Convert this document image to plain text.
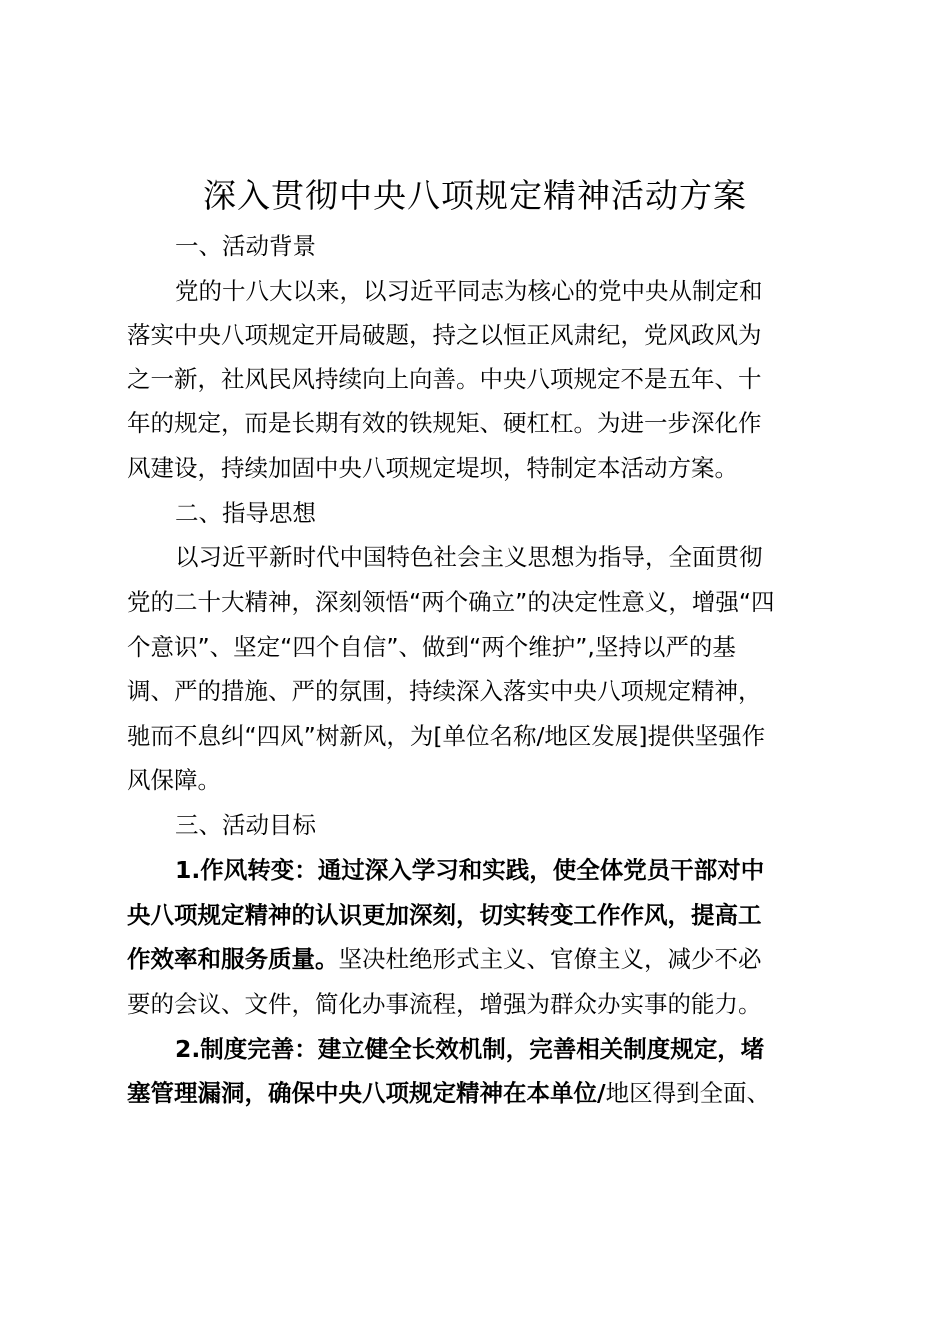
深入贯彻中央八项规定精神活动方案
一、活动背景
党的十八大以来，以习近平同志为核心的党中央从制定和
落实中央八项规定开局破题，持之以恒正风肃纪，党风政风为
之一新，社风民风持续向上向善。中央八项规定不是五年、十
年的规定，而是长期有效的铁规矩、硬杠杠。为进一步深化作
风建设，持续加固中央八项规定堤坝，特制定本活动方案。
二、指导思想
以习近平新时代中国特色社会主义思想为指导，全面贯彻
党的二十大精神，深刻领悟“两个确立”的决定性意义，增强“四
个意识”、坚定“四个自信”、做到“两个维护”,坚持以严的基
调、严的措施、严的氛围，持续深入落实中央八项规定精神，
驰而不息纠“四风”树新风，为[单位名称/地区发展]提供坚强作
风保障。
三、活动目标
1.作风转变：通过深入学习和实践，使全体党员干部对中
央八项规定精神的认识更加深刻，切实转变工作作风，提高工
作效率和服务质量。坚决杜绝形式主义、官僚主义，减少不必
要的会议、文件，简化办事流程，增强为群众办实事的能力。
2.制度完善：建立健全长效机制，完善相关制度规定，堵
塞管理漏洞，确保中央八项规定精神在本单位/地区得到全面、
